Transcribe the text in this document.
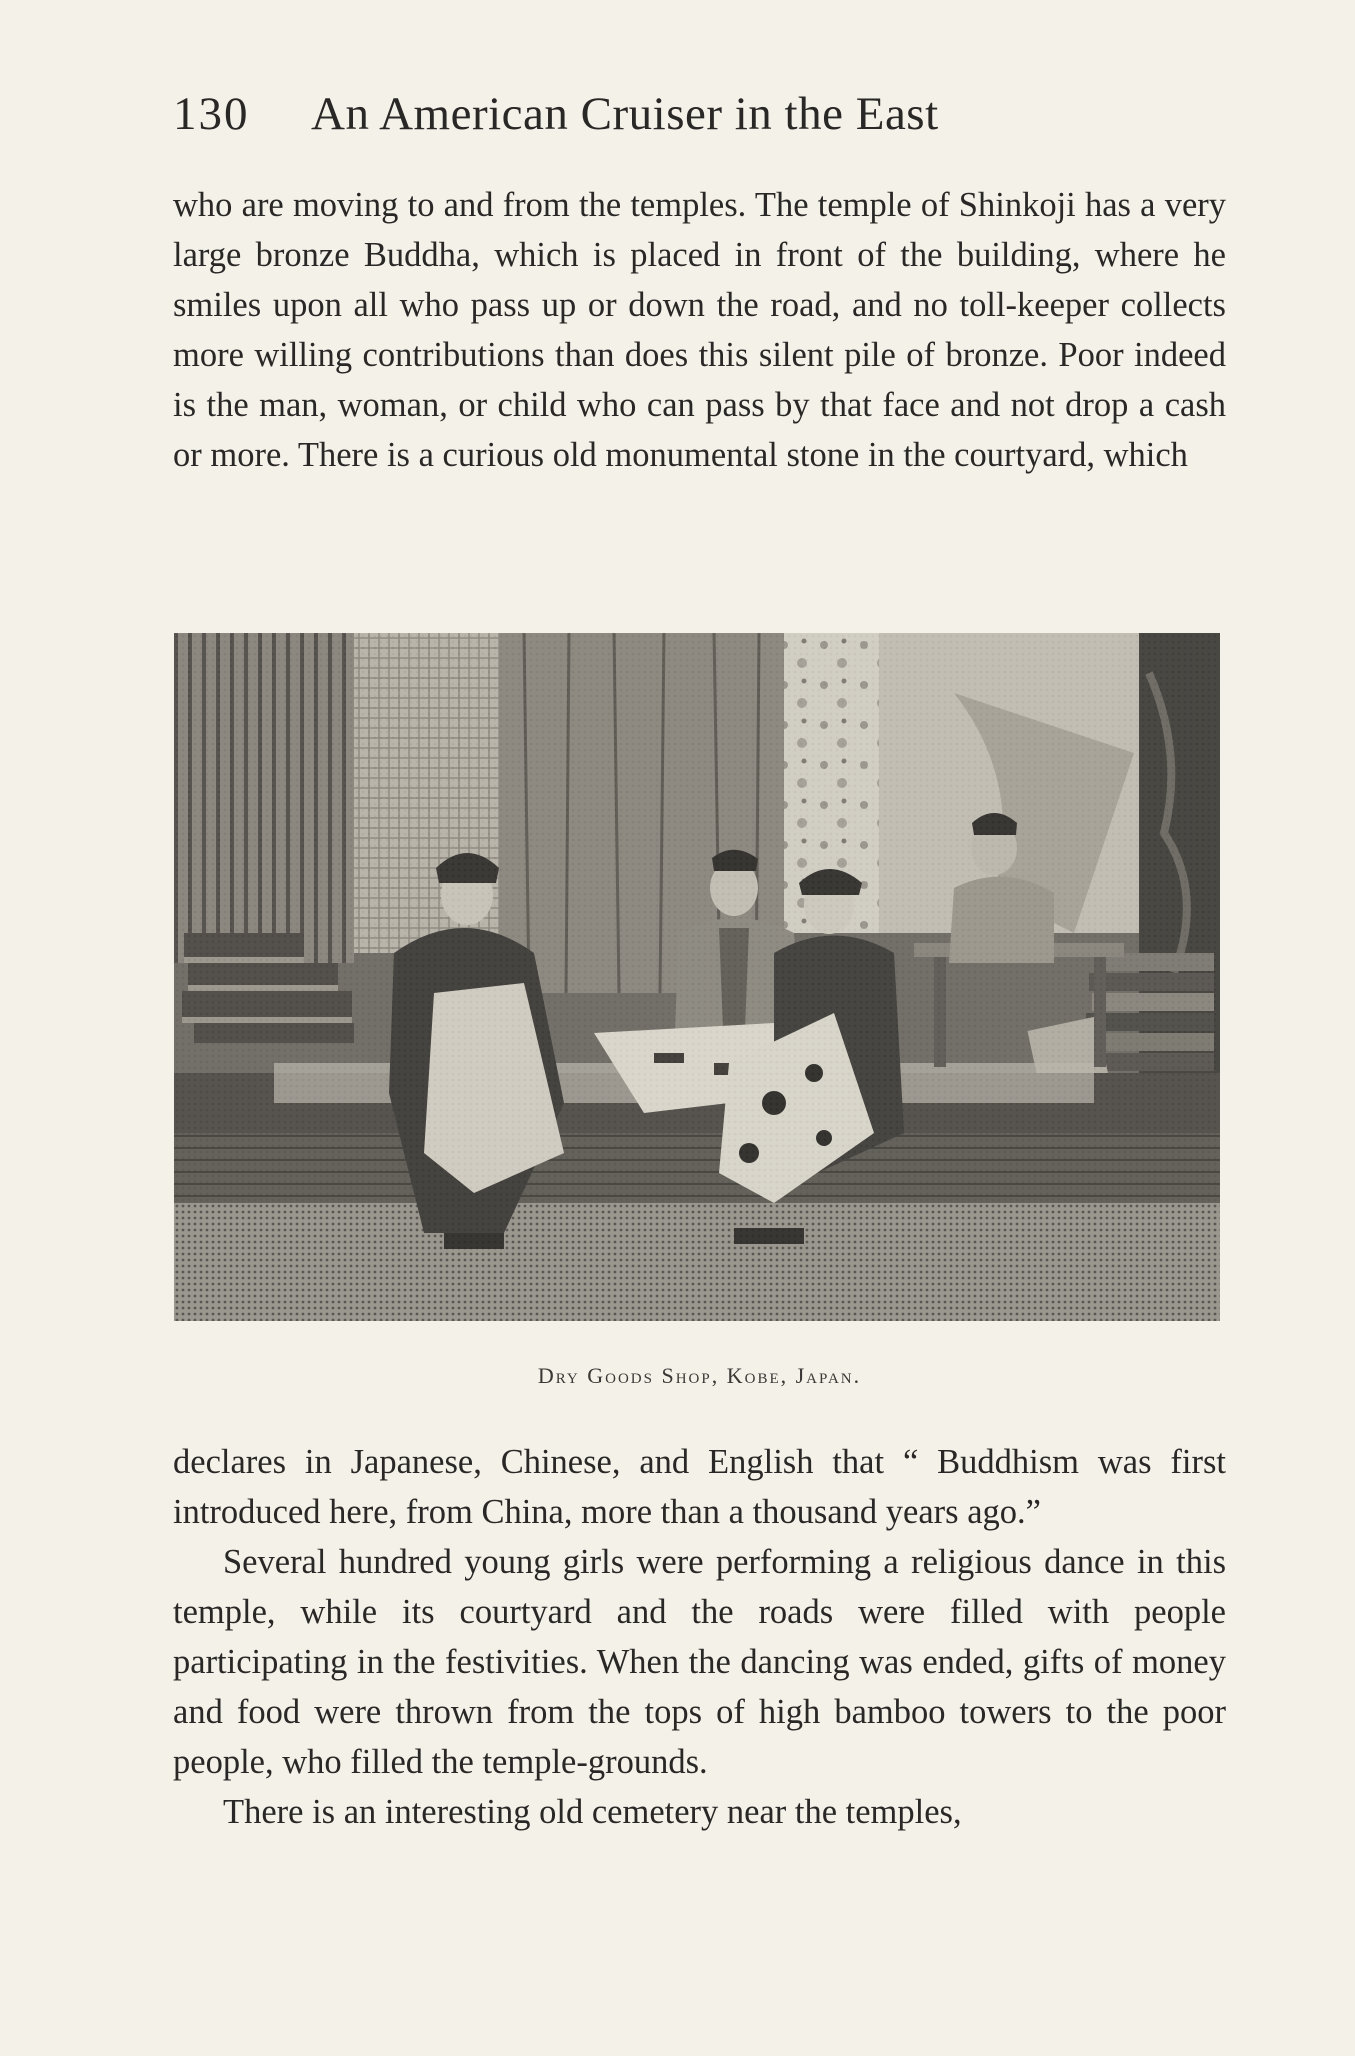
130 An American Cruiser in the East

who are moving to and from the temples. The temple of Shinkoji has a very large bronze Buddha, which is placed in front of the building, where he smiles upon all who pass up or down the road, and no toll-keeper collects more willing contributions than does this silent pile of bronze. Poor indeed is the man, woman, or child who can pass by that face and not drop a cash or more. There is a curious old monumental stone in the courtyard, which

Dry Goods Shop, Kobe, Japan.

declares in Japanese, Chinese, and English that “ Buddhism was first introduced here, from China, more than a thousand years ago.”

Several hundred young girls were performing a religious dance in this temple, while its courtyard and the roads were filled with people participating in the festivities. When the dancing was ended, gifts of money and food were thrown from the tops of high bamboo towers to the poor people, who filled the temple-grounds.

There is an interesting old cemetery near the temples,
